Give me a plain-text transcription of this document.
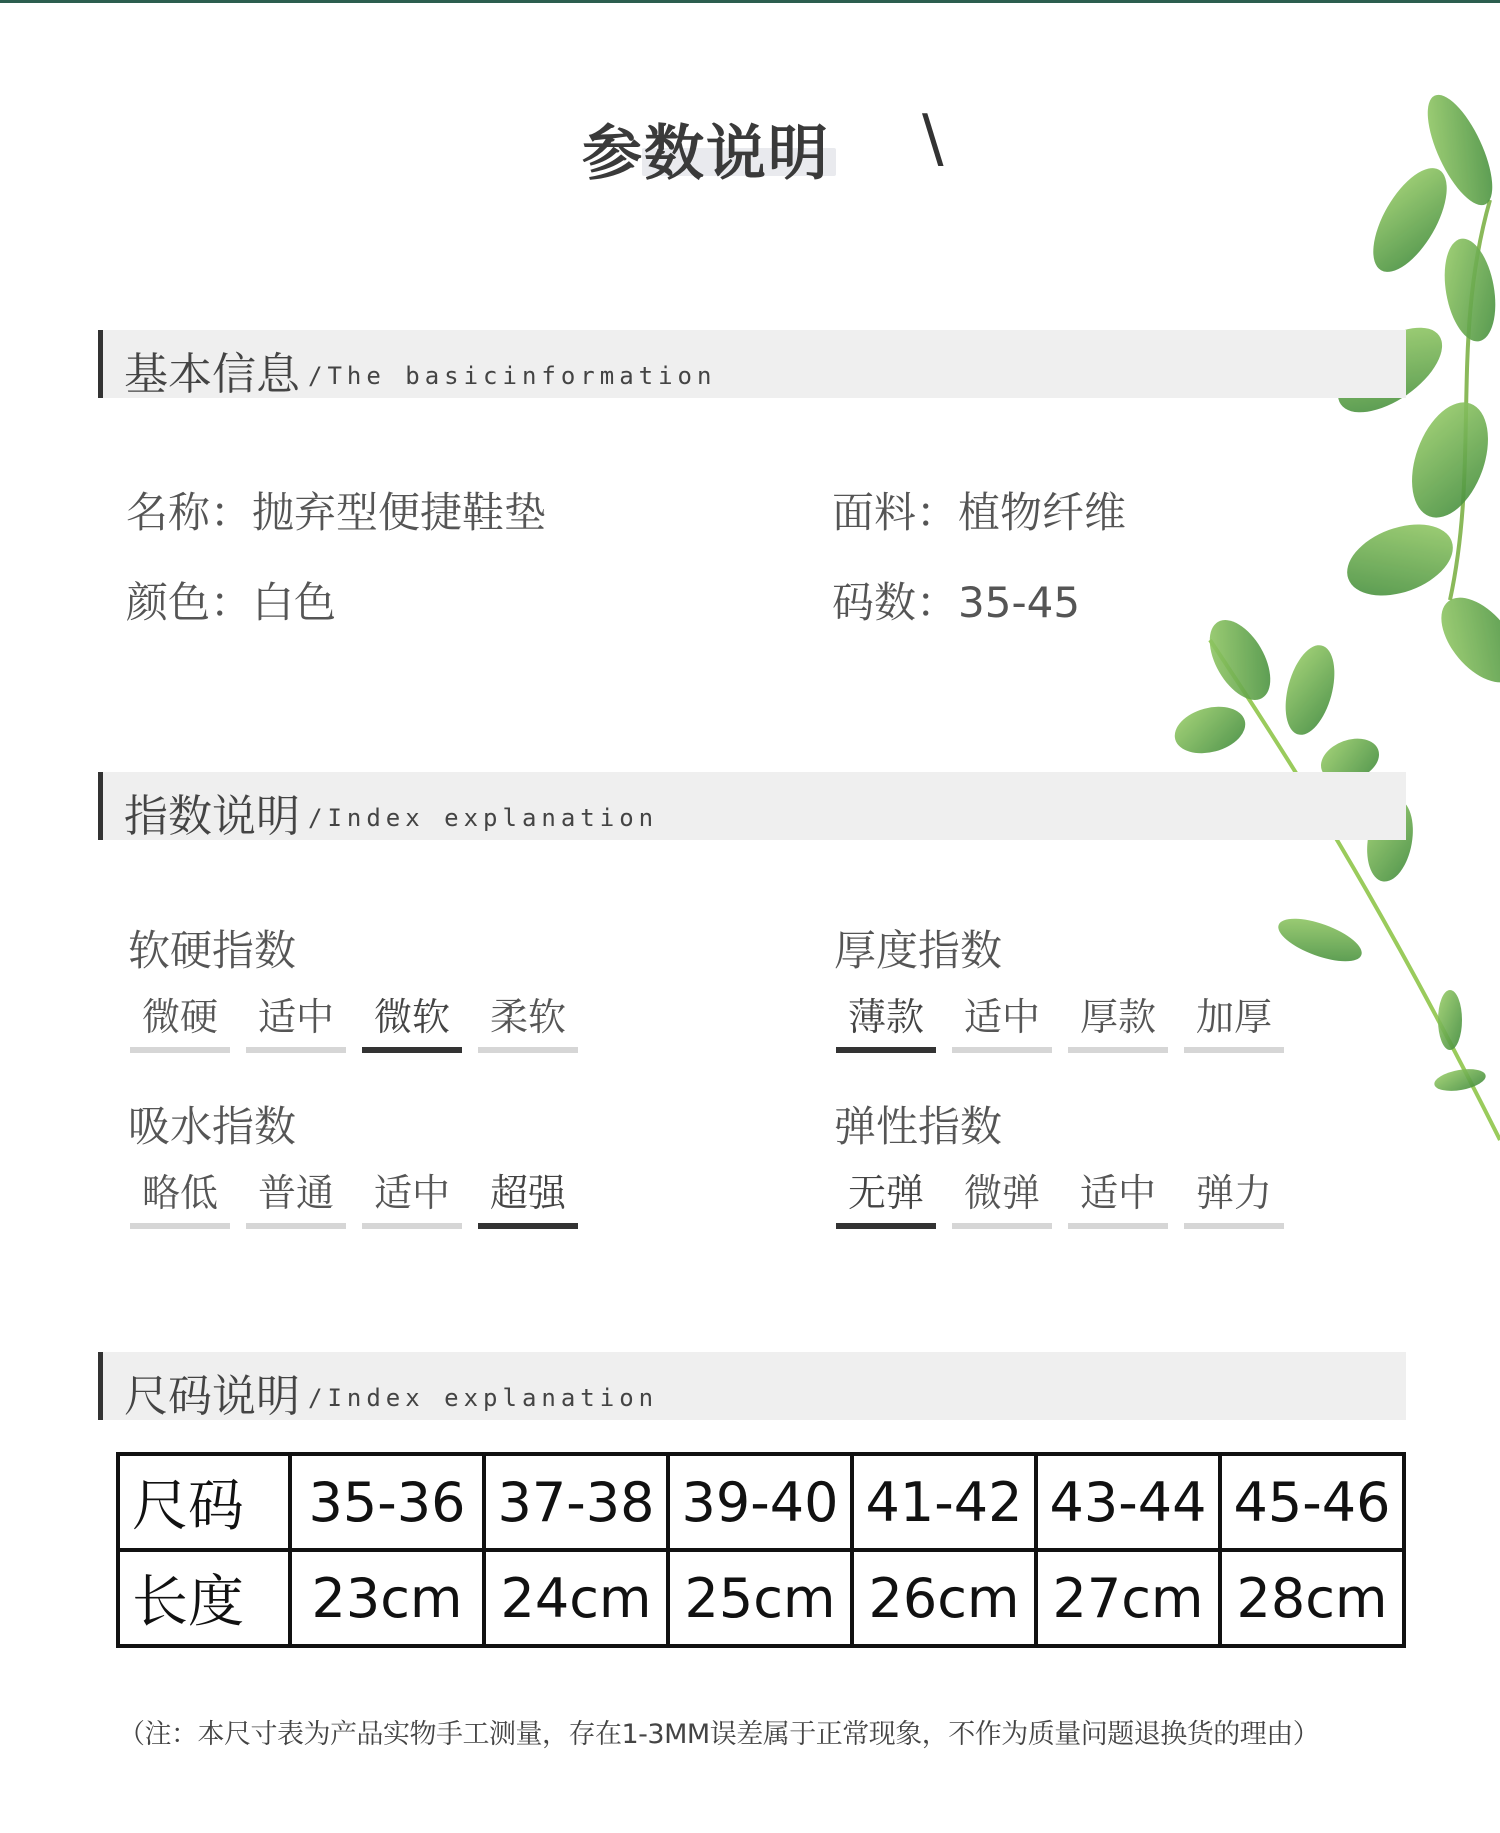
参数说明 \
基本信息 /The basicinformation
名称：抛弃型便捷鞋垫	面料：植物纤维
颜色：白色	码数：35-45
指数说明 /Index explanation
软硬指数
微硬	适中	微软	柔软
厚度指数
薄款	适中	厚款	加厚
吸水指数
略低	普通	适中	超强
弹性指数
无弹	微弹	适中	弹力
尺码说明 /Index explanation
尺码	35-36	37-38	39-40	41-42	43-44	45-46
长度	23cm	24cm	25cm	26cm	27cm	28cm
（注：本尺寸表为产品实物手工测量，存在1-3MM误差属于正常现象，不作为质量问题退换货的理由）
